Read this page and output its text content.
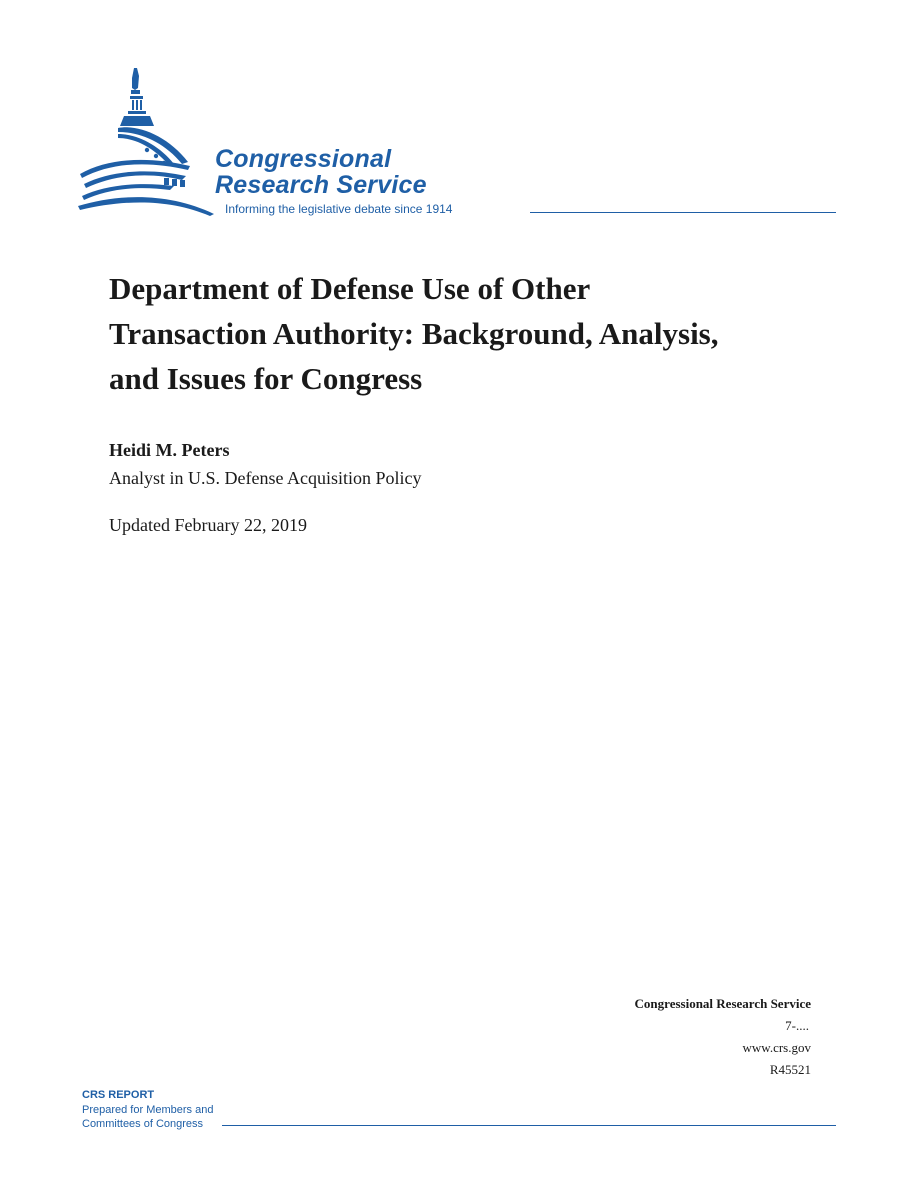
Congressional
Research Service
Informing the legislative debate since 1914
Department of Defense Use of Other
Transaction Authority: Background, Analysis,
and Issues for Congress
Heidi M. Peters
Analyst in U.S. Defense Acquisition Policy
Updated February 22, 2019
Congressional Research Service
7-....
www.crs.gov
R45521
CRS REPORT
Prepared for Members and
Committees of Congress
